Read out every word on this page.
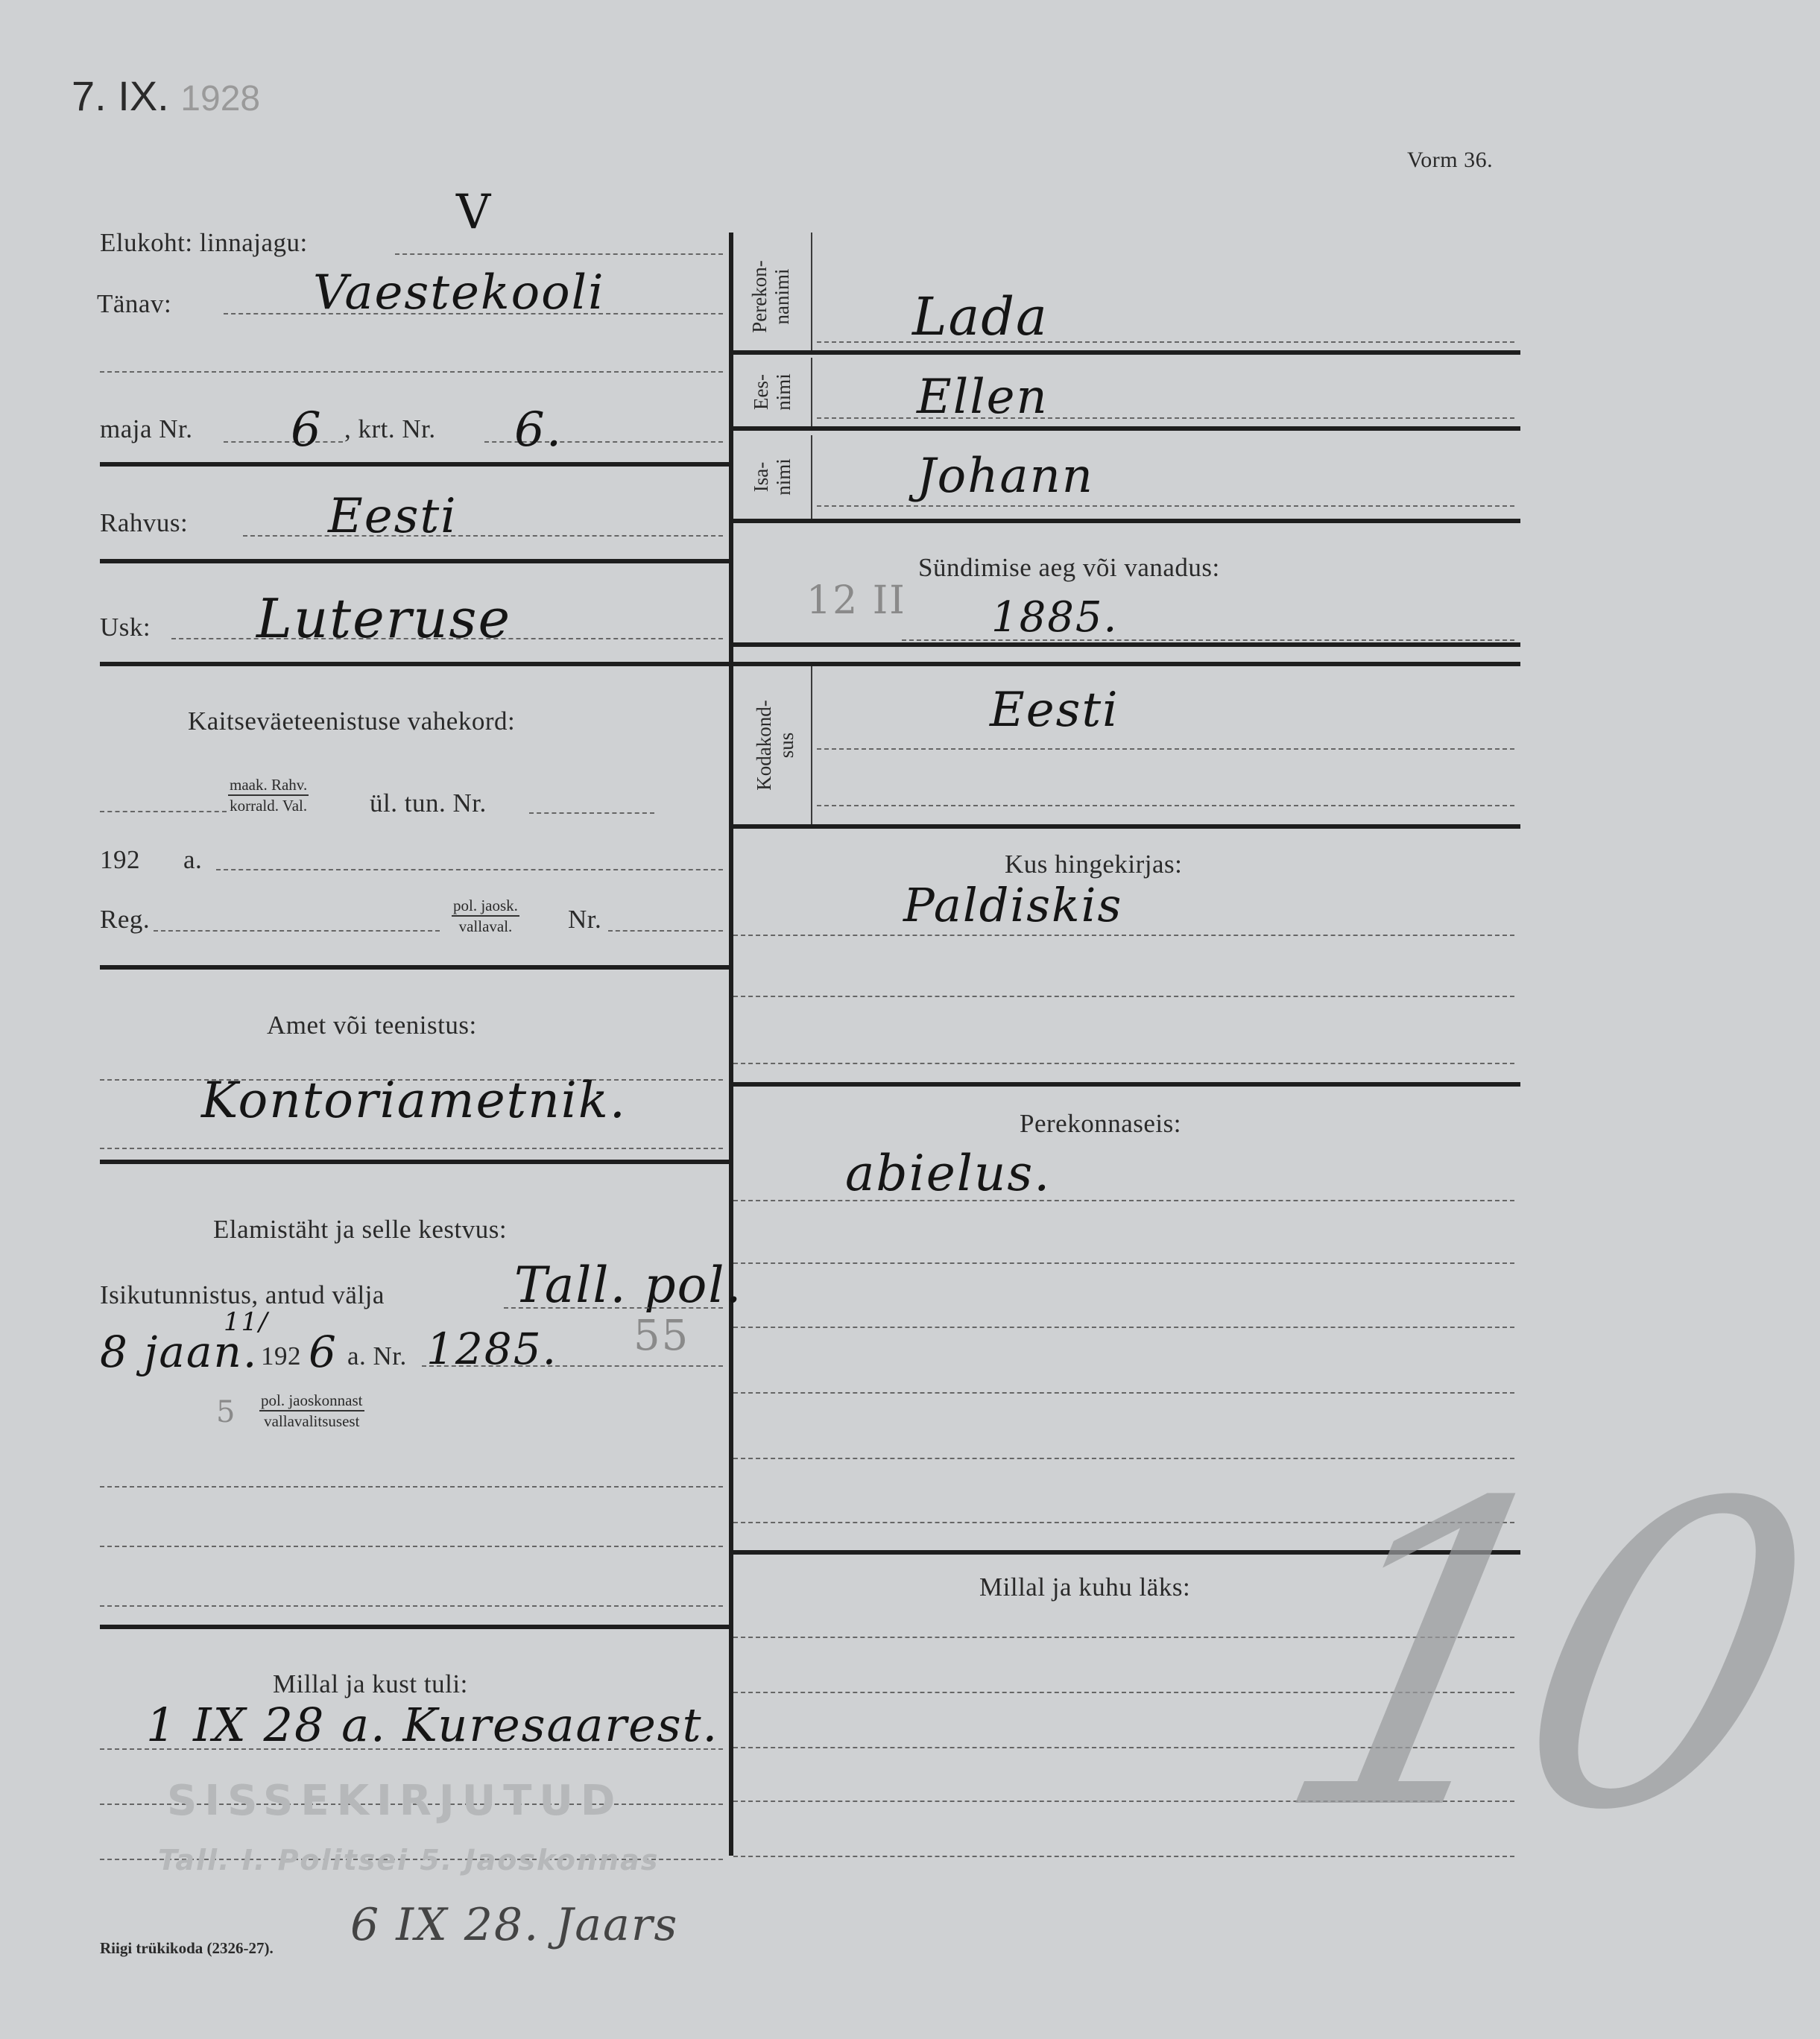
7. IX. 1928
Vorm 36.
Elukoht: linnajagu:
V
Tänav:	Vaestekooli
maja Nr. 6 , krt. Nr. 6.
Rahvus:	Eesti
Usk: Luteruse
Kaitseväeteenistuse vahekord:
maak. Rahv.
korrald. Val. ül. tun. Nr.
192 a.
Reg.	pol. jaosk.
vallaval. Nr.
Amet või teenistus:
Kontoriametnik.
Elamistäht ja selle kestvus:
Isikutunnistus, antud välja	Tall. pol.
55
8 jaan.
11/
192 6 a. Nr. 1285.
5 pol. jaoskonnast
vallavalitsusest
Millal ja kust tuli:
1 IX 28 a. Kuresaarest.
SISSEKIRJUTUD
Tall. I. Politsei 5. Jaoskonnas
Riigi trükikoda (2326-27). 6 IX 28. Jaars
Perekon-
nanimi Lada
Ees-
nimi	Ellen
Isa-
nimi	Johann
Sündimise aeg või vanadus:
12 II 1885.
Kodakond-
sus
Eesti
Kus hingekirjas:
Paldiskis
Perekonnaseis:
abielus.
Millal ja kuhu läks: 10
